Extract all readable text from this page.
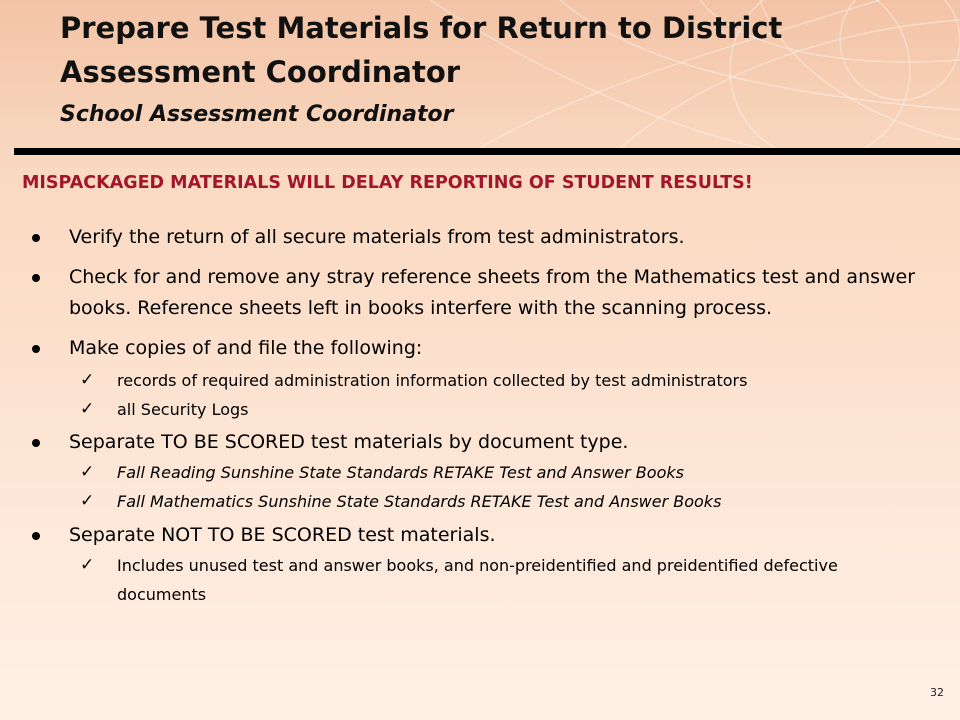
Prepare Test Materials for Return to District Assessment Coordinator
School Assessment Coordinator
MISPACKAGED MATERIALS WILL DELAY REPORTING OF STUDENT RESULTS!
Verify the return of all secure materials from test administrators.
Check for and remove any stray reference sheets from the Mathematics test and answer books. Reference sheets left in books interfere with the scanning process.
Make copies of and file the following:
✓ records of required administration information collected by test administrators
✓ all Security Logs
Separate TO BE SCORED test materials by document type.
✓ Fall Reading Sunshine State Standards RETAKE Test and Answer Books
✓ Fall Mathematics Sunshine State Standards RETAKE Test and Answer Books
Separate NOT TO BE SCORED test materials.
✓ Includes unused test and answer books, and non-preidentified and preidentified defective documents
32
